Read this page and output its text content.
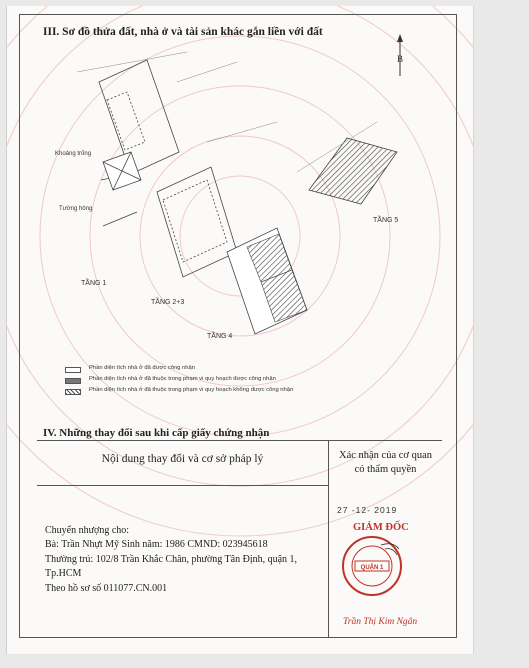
III. Sơ đồ thửa đất, nhà ở và tài sản khác gắn liền với đất
B
Khoảng trống
Tường hông
TẦNG 1
TẦNG 2+3
TẦNG 4
TẦNG 5
Phần diện tích nhà ở đã được công nhận
Phần diện tích nhà ở đã thuộc trong phạm vi quy hoạch được công nhận
Phần diện tích nhà ở đã thuộc trong phạm vi quy hoạch không được công nhận
IV. Những thay đổi sau khi cấp giấy chứng nhận
Nội dung thay đổi và cơ sở pháp lý	Xác nhận của cơ quan
có thẩm quyền
Chuyển nhượng cho:
Bà: Trần Nhựt Mỹ Sinh năm: 1986 CMND: 023945618
Thường trú: 102/8 Trần Khắc Chân, phường Tân Định, quận 1,
Tp.HCM
Theo hồ sơ số 011077.CN.001
27 -12- 2019
GIÁM ĐỐC
QUẬN 1
Trần Thị Kim Ngân
